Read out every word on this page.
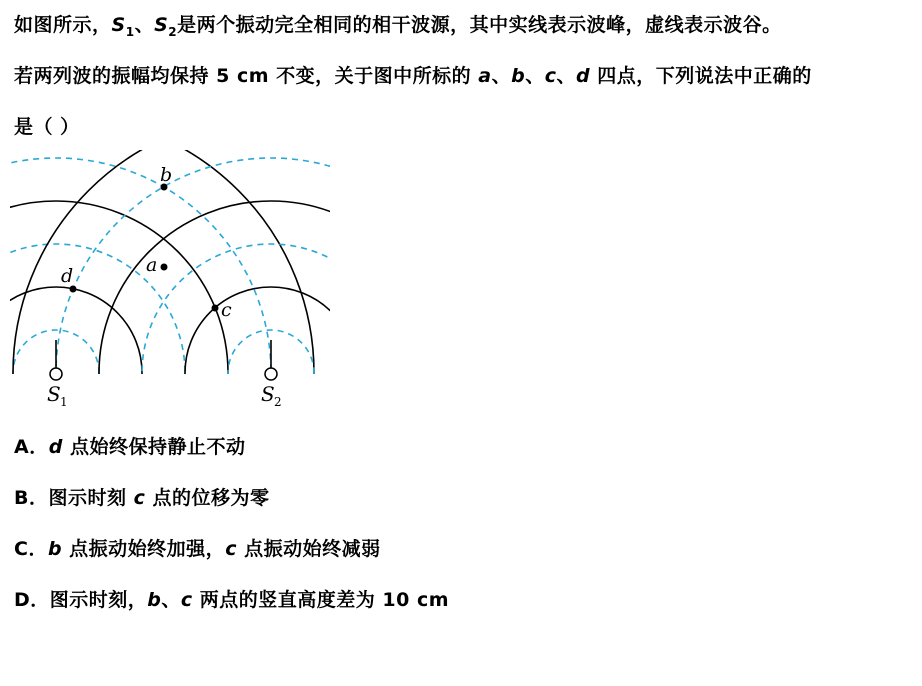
如图所示，$S_1$、$S_2$是两个振动完全相同的相干波源，其中实线表示波峰，虚线表示波谷。
若两列波的振幅均保持 5 cm 不变，关于图中所标的 a、b、c、d 四点，下列说法中正确的
是（ ）
b
a
c
d
S 1	S 2
A．d 点始终保持静止不动
B．图示时刻 c 点的位移为零
C．b 点振动始终加强，c 点振动始终减弱
D．图示时刻，b、c 两点的竖直高度差为 10 cm
